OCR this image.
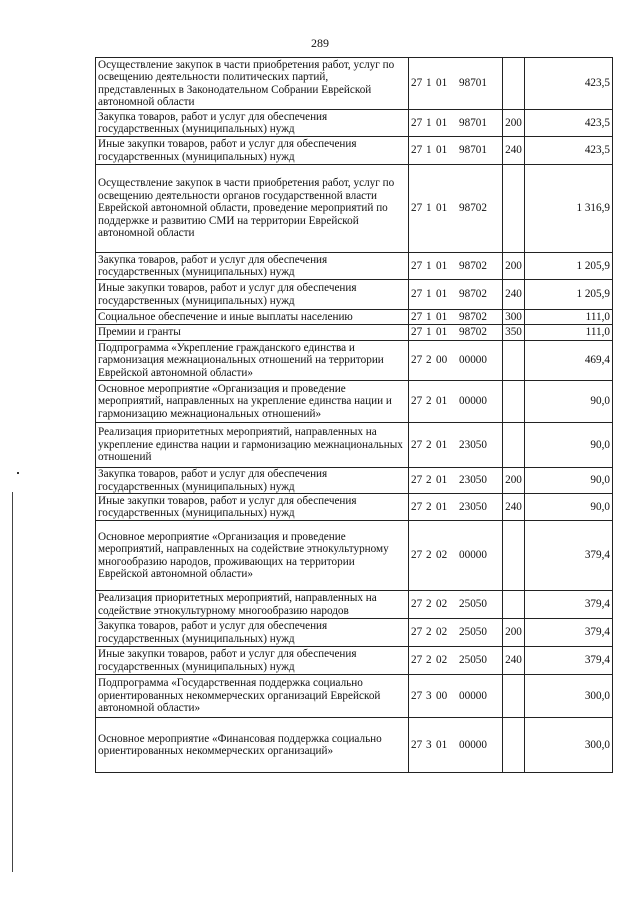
289
Осуществление закупок в части приобретения работ, услуг по освещению деятельности политических партий, представленных в Законодательном Собрании Еврейской автономной области	27 1 01 98701		423,5
Закупка товаров, работ и услуг для обеспечения государственных (муниципальных) нужд	27 1 01 98701	200	423,5
Иные закупки товаров, работ и услуг для обеспечения государственных (муниципальных) нужд	27 1 01 98701	240	423,5
Осуществление закупок в части приобретения работ, услуг по освещению деятельности органов государственной власти Еврейской автономной области, проведение мероприятий по поддержке и развитию СМИ на территории Еврейской автономной области	27 1 01 98702		1 316,9
Закупка товаров, работ и услуг для обеспечения государственных (муниципальных) нужд	27 1 01 98702	200	1 205,9
Иные закупки товаров, работ и услуг для обеспечения государственных (муниципальных) нужд	27 1 01 98702	240	1 205,9
Социальное обеспечение и иные выплаты населению	27 1 01 98702	300	111,0
Премии и гранты	27 1 01 98702	350	111,0
Подпрограмма «Укрепление гражданского единства и гармонизация межнациональных отношений на территории Еврейской автономной области»	27 2 00 00000		469,4
Основное мероприятие «Организация и проведение мероприятий, направленных на укрепление единства нации и гармонизацию межнациональных отношений»	27 2 01 00000		90,0
Реализация приоритетных мероприятий, направленных на укрепление единства нации и гармонизацию межнациональных отношений	27 2 01 23050		90,0
Закупка товаров, работ и услуг для обеспечения государственных (муниципальных) нужд	27 2 01 23050	200	90,0
Иные закупки товаров, работ и услуг для обеспечения государственных (муниципальных) нужд	27 2 01 23050	240	90,0
Основное мероприятие «Организация и проведение мероприятий, направленных на содействие этнокультурному многообразию народов, проживающих на территории Еврейской автономной области»	27 2 02 00000		379,4
Реализация приоритетных мероприятий, направленных на содействие этнокультурному многообразию народов	27 2 02 25050		379,4
Закупка товаров, работ и услуг для обеспечения государственных (муниципальных) нужд	27 2 02 25050	200	379,4
Иные закупки товаров, работ и услуг для обеспечения государственных (муниципальных) нужд	27 2 02 25050	240	379,4
Подпрограмма «Государственная поддержка социально ориентированных некоммерческих организаций Еврейской автономной области»	27 3 00 00000		300,0
Основное мероприятие «Финансовая поддержка социально ориентированных некоммерческих организаций»	27 3 01 00000		300,0
